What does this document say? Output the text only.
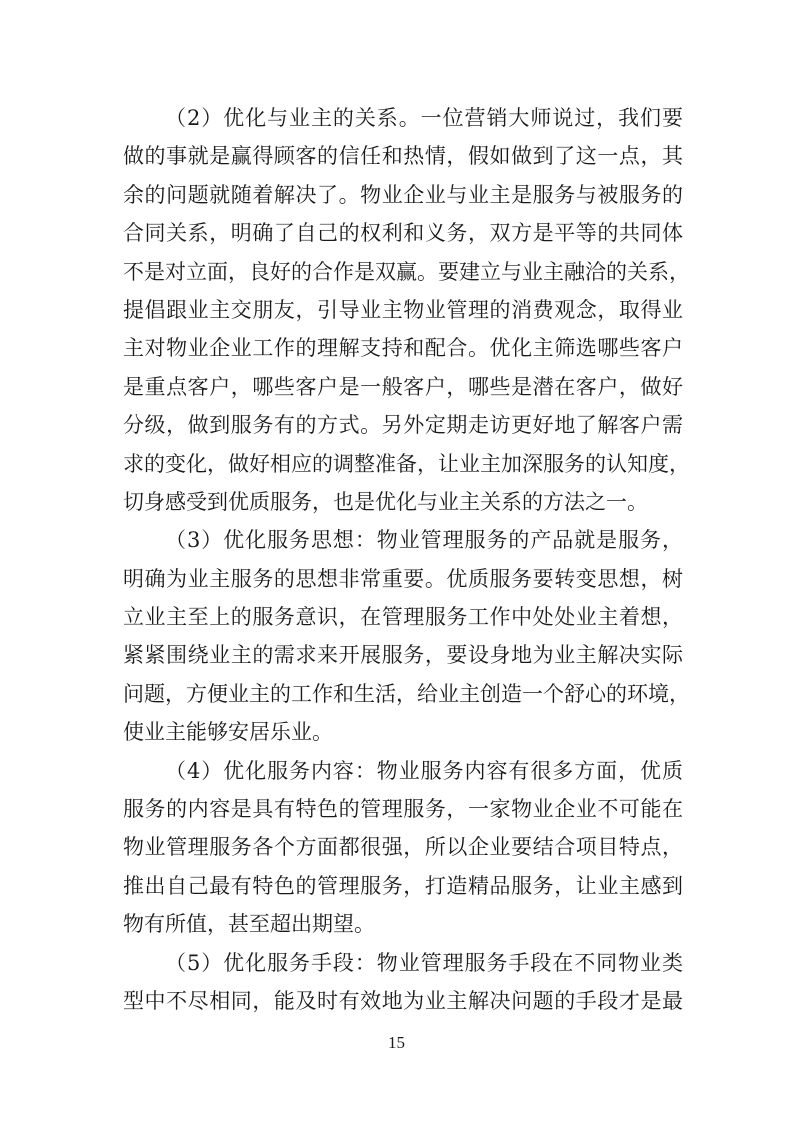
（2）优化与业主的关系。一位营销大师说过，我们要
做的事就是赢得顾客的信任和热情，假如做到了这一点，其
余的问题就随着解决了。物业企业与业主是服务与被服务的
合同关系，明确了自己的权利和义务，双方是平等的共同体
不是对立面，良好的合作是双赢。要建立与业主融洽的关系，
提倡跟业主交朋友，引导业主物业管理的消费观念，取得业
主对物业企业工作的理解支持和配合。优化主筛选哪些客户
是重点客户，哪些客户是一般客户，哪些是潜在客户，做好
分级，做到服务有的方式。另外定期走访更好地了解客户需
求的变化，做好相应的调整准备，让业主加深服务的认知度，
切身感受到优质服务，也是优化与业主关系的方法之一。
（3）优化服务思想：物业管理服务的产品就是服务，
明确为业主服务的思想非常重要。优质服务要转变思想，树
立业主至上的服务意识，在管理服务工作中处处业主着想，
紧紧围绕业主的需求来开展服务，要设身地为业主解决实际
问题，方便业主的工作和生活，给业主创造一个舒心的环境，
使业主能够安居乐业。
（4）优化服务内容：物业服务内容有很多方面，优质
服务的内容是具有特色的管理服务，一家物业企业不可能在
物业管理服务各个方面都很强，所以企业要结合项目特点，
推出自己最有特色的管理服务，打造精品服务，让业主感到
物有所值，甚至超出期望。
（5）优化服务手段：物业管理服务手段在不同物业类
型中不尽相同，能及时有效地为业主解决问题的手段才是最
15
